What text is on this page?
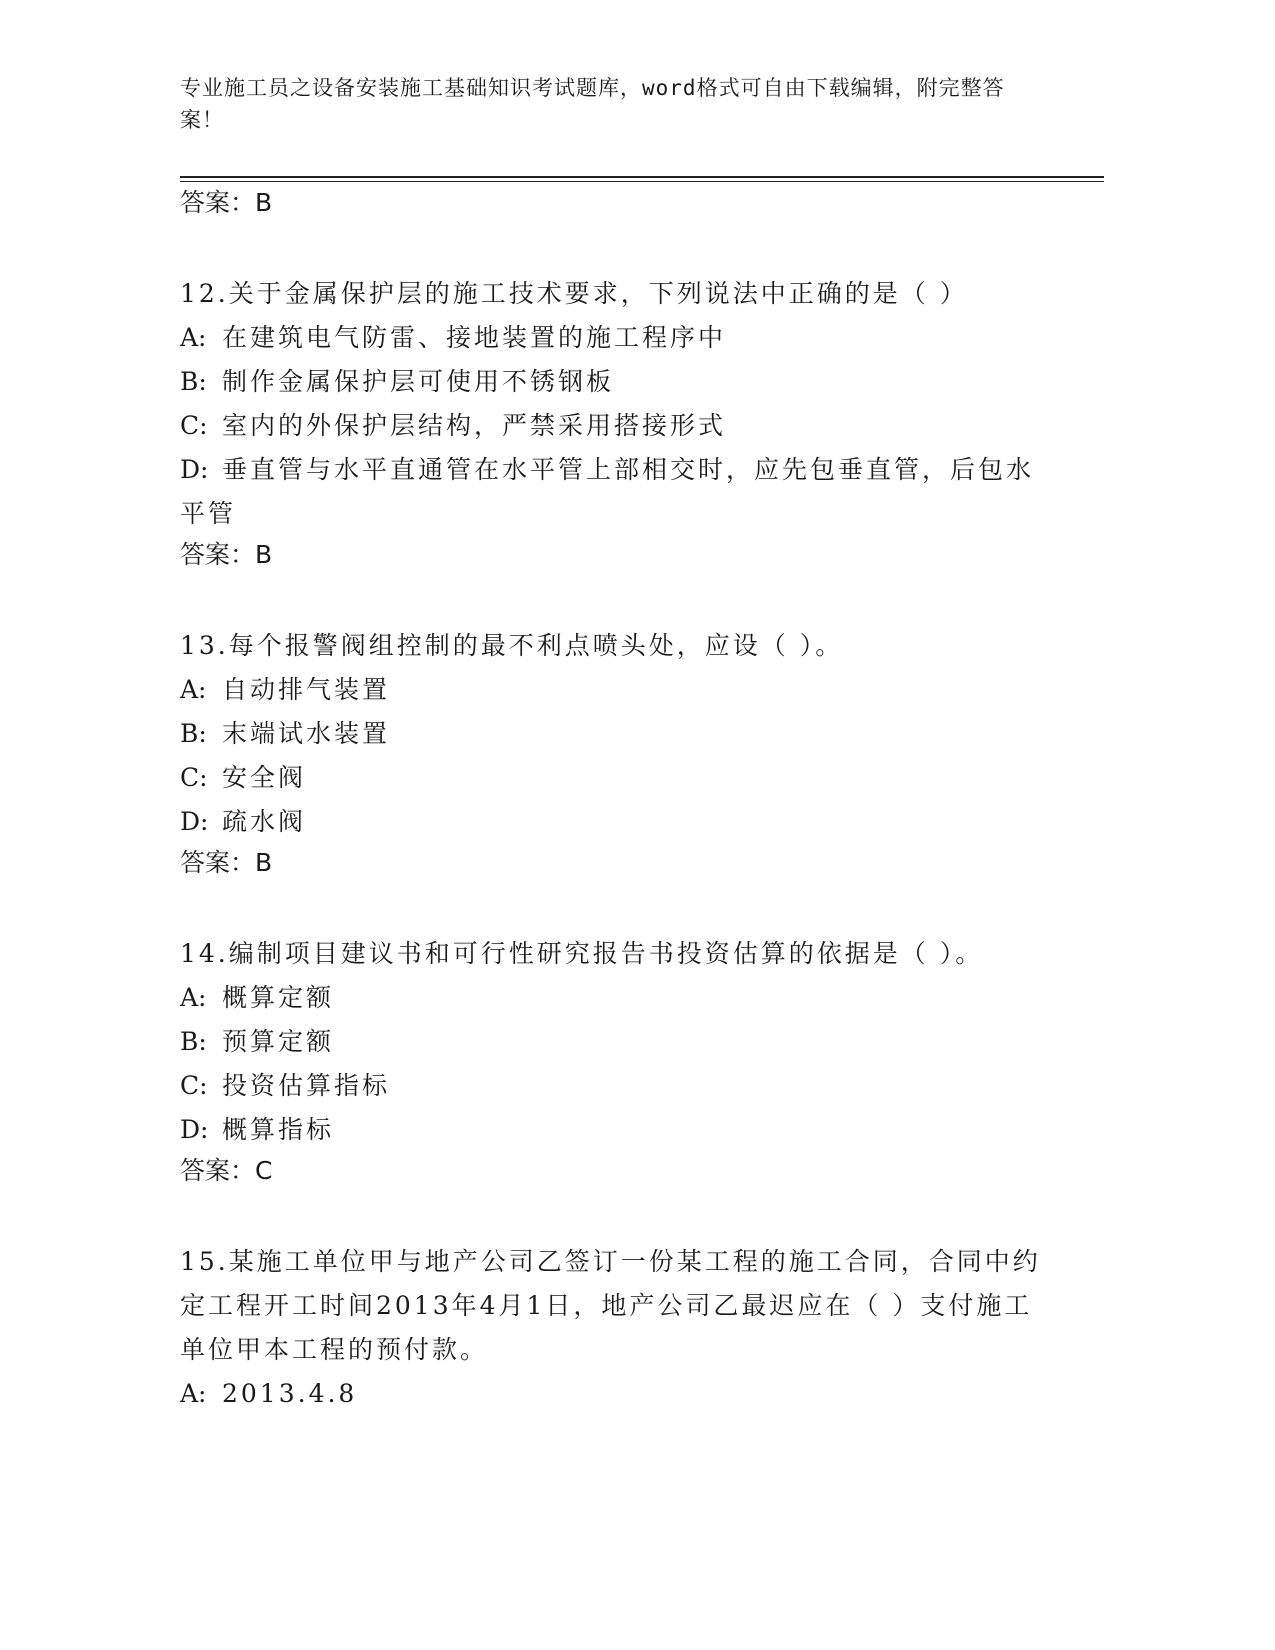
专业施工员之设备安装施工基础知识考试题库，word格式可自由下载编辑，附完整答案！

答案：B

12.关于金属保护层的施工技术要求，下列说法中正确的是（ ）

A: 在建筑电气防雷、接地装置的施工程序中

B: 制作金属保护层可使用不锈钢板

C: 室内的外保护层结构，严禁采用搭接形式

D: 垂直管与水平直通管在水平管上部相交时，应先包垂直管，后包水平管

答案：B

13.每个报警阀组控制的最不利点喷头处，应设（ ）。

A: 自动排气装置

B: 末端试水装置

C: 安全阀

D: 疏水阀

答案：B

14.编制项目建议书和可行性研究报告书投资估算的依据是（ ）。

A: 概算定额

B: 预算定额

C: 投资估算指标

D: 概算指标

答案：C

15.某施工单位甲与地产公司乙签订一份某工程的施工合同，合同中约定工程开工时间2013年4月1日，地产公司乙最迟应在（ ）支付施工单位甲本工程的预付款。

A: 2013.4.8
